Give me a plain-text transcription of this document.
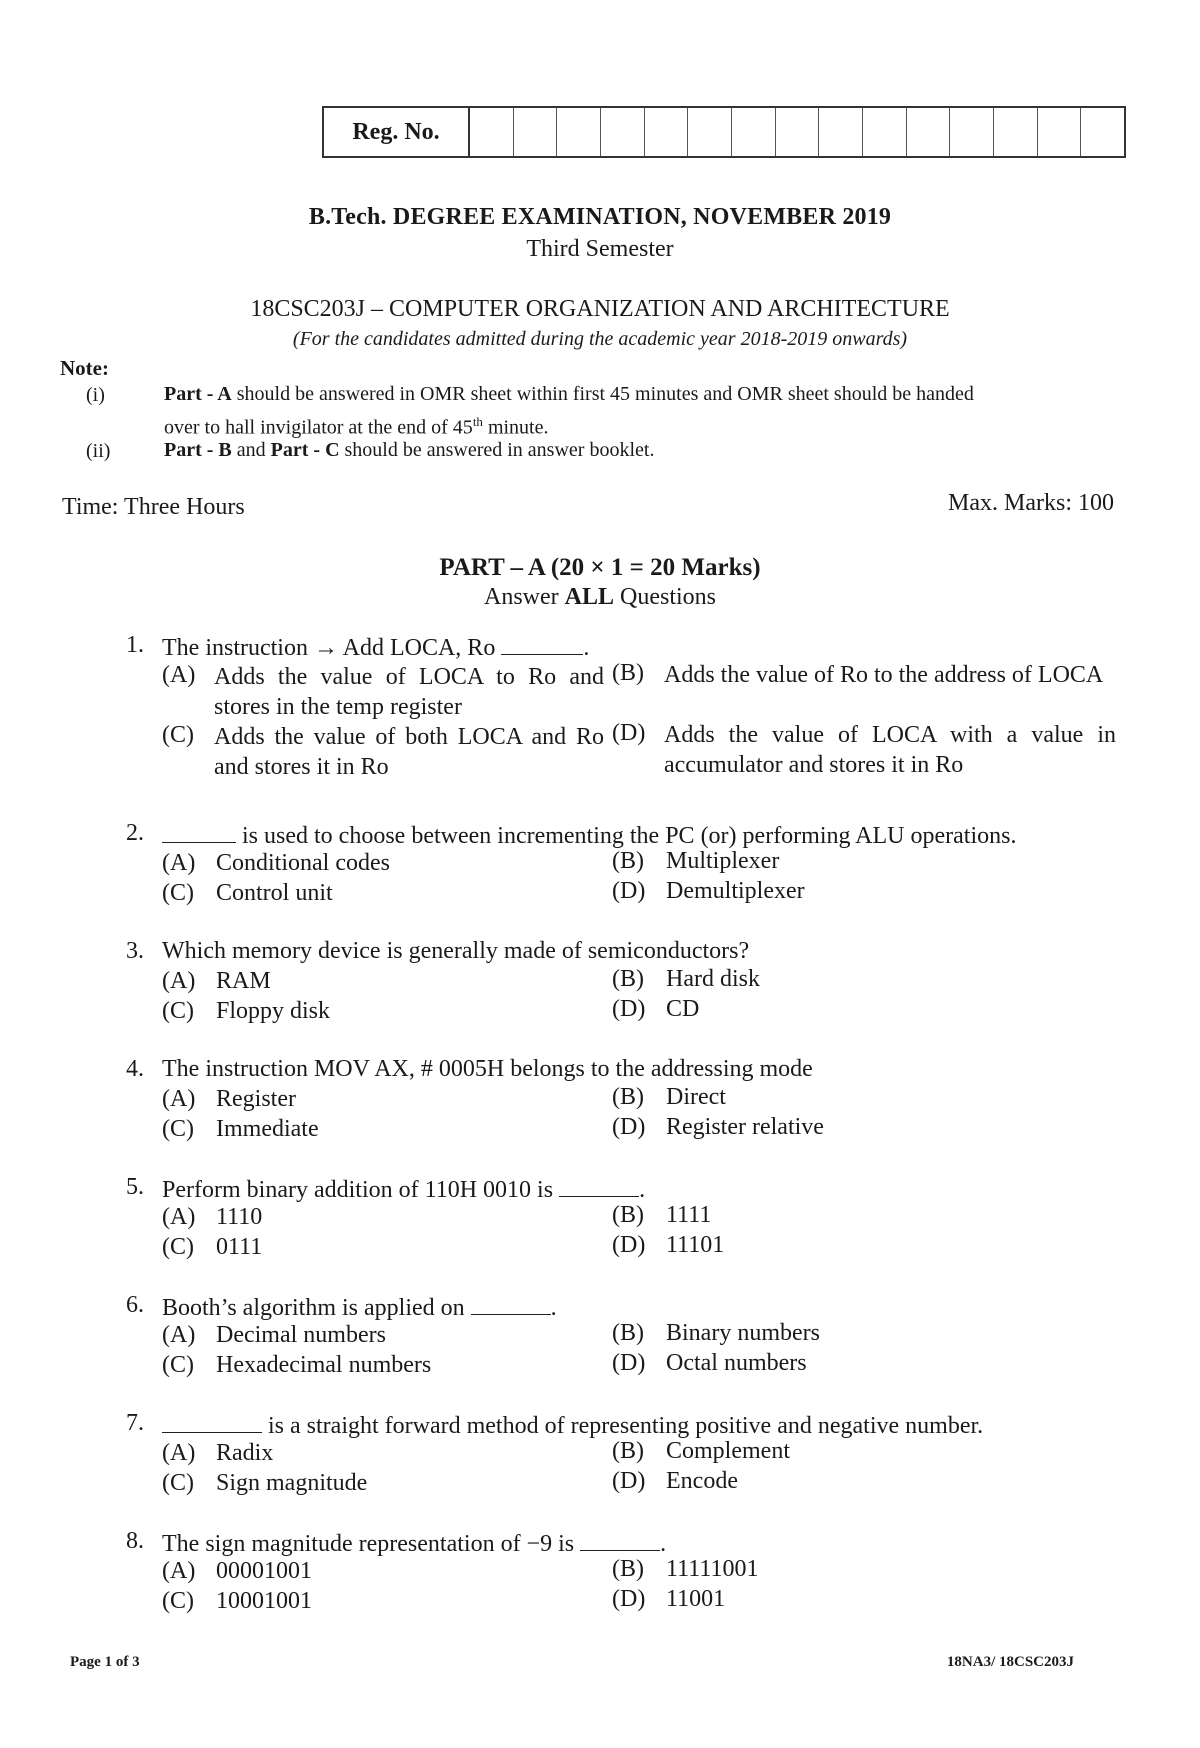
Reg. No.
B.Tech. DEGREE EXAMINATION, NOVEMBER 2019
Third Semester
18CSC203J – COMPUTER ORGANIZATION AND ARCHITECTURE
(For the candidates admitted during the academic year 2018-2019 onwards)
Note:
(i)	Part - A should be answered in OMR sheet within first 45 minutes and OMR sheet should be handed
over to hall invigilator at the end of 45th minute.
(ii)	Part - B and Part - C should be answered in answer booklet.
Time: Three Hours	Max. Marks: 100
PART – A (20 × 1 = 20 Marks)
Answer ALL Questions
1. The instruction → Add LOCA, Ro	.
(A) Adds the value of LOCA to Ro and stores in the temp register
(B) Adds the value of Ro to the address of LOCA
(C) Adds the value of both LOCA and Ro and stores it in Ro
(D) Adds the value of LOCA with a value in accumulator and stores it in Ro
2.	is used to choose between incrementing the PC (or) performing ALU operations.
(A) Conditional codes	(B) Multiplexer
(C) Control unit	(D) Demultiplexer
3. Which memory device is generally made of semiconductors?
(A) RAM	(B) Hard disk
(C) Floppy disk	(D) CD
4. The instruction MOV AX, # 0005H belongs to the addressing mode
(A) Register	(B) Direct
(C) Immediate	(D) Register relative
5. Perform binary addition of 110H 0010 is	.
(A) 1110	(B) 1111
(C) 0111	(D) 11101
6. Booth’s algorithm is applied on	.
(A) Decimal numbers	(B) Binary numbers
(C) Hexadecimal numbers	(D) Octal numbers
7.	is a straight forward method of representing positive and negative number.
(A) Radix	(B) Complement
(C) Sign magnitude	(D) Encode
8. The sign magnitude representation of −9 is	.
(A) 00001001	(B) 11111001
(C) 10001001	(D) 11001
Page 1 of 3	18NA3/ 18CSC203J
